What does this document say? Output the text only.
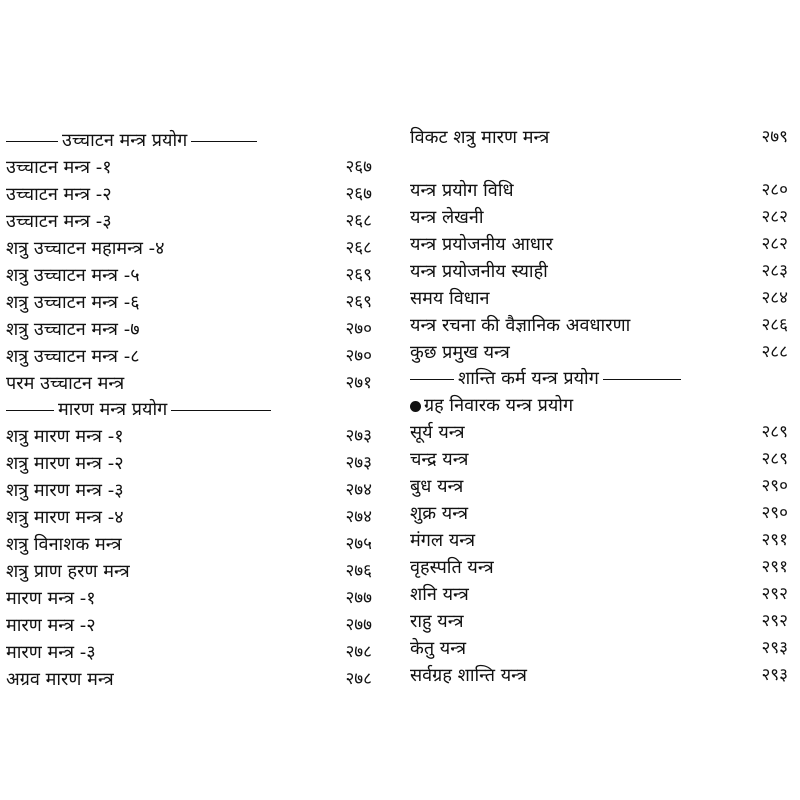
उच्चाटन मन्त्र प्रयोग
उच्चाटन मन्त्र -१	२६७
उच्चाटन मन्त्र -२	२६७
उच्चाटन मन्त्र -३	२६८
शत्रु उच्चाटन महामन्त्र -४	२६८
शत्रु उच्चाटन मन्त्र -५	२६९
शत्रु उच्चाटन मन्त्र -६	२६९
शत्रु उच्चाटन मन्त्र -७	२७०
शत्रु उच्चाटन मन्त्र -८	२७०
परम उच्चाटन मन्त्र	२७१
मारण मन्त्र प्रयोग
शत्रु मारण मन्त्र -१	२७३
शत्रु मारण मन्त्र -२	२७३
शत्रु मारण मन्त्र -३	२७४
शत्रु मारण मन्त्र -४	२७४
शत्रु विनाशक मन्त्र	२७५
शत्रु प्राण हरण मन्त्र	२७६
मारण मन्त्र -१	२७७
मारण मन्त्र -२	२७७
मारण मन्त्र -३	२७८
अग्रव मारण मन्त्र	२७८
विकट शत्रु मारण मन्त्र	२७९
यन्त्र प्रयोग विधि	२८०
यन्त्र लेखनी	२८२
यन्त्र प्रयोजनीय आधार	२८२
यन्त्र प्रयोजनीय स्याही	२८३
समय विधान	२८४
यन्त्र रचना की वैज्ञानिक अवधारणा	२८६
कुछ प्रमुख यन्त्र	२८८
शान्ति कर्म यन्त्र प्रयोग
ग्रह निवारक यन्त्र प्रयोग
सूर्य यन्त्र	२८९
चन्द्र यन्त्र	२८९
बुध यन्त्र	२९०
शुक्र यन्त्र	२९०
मंगल यन्त्र	२९१
वृहस्पति यन्त्र	२९१
शनि यन्त्र	२९२
राहु यन्त्र	२९२
केतु यन्त्र	२९३
सर्वग्रह शान्ति यन्त्र	२९३
